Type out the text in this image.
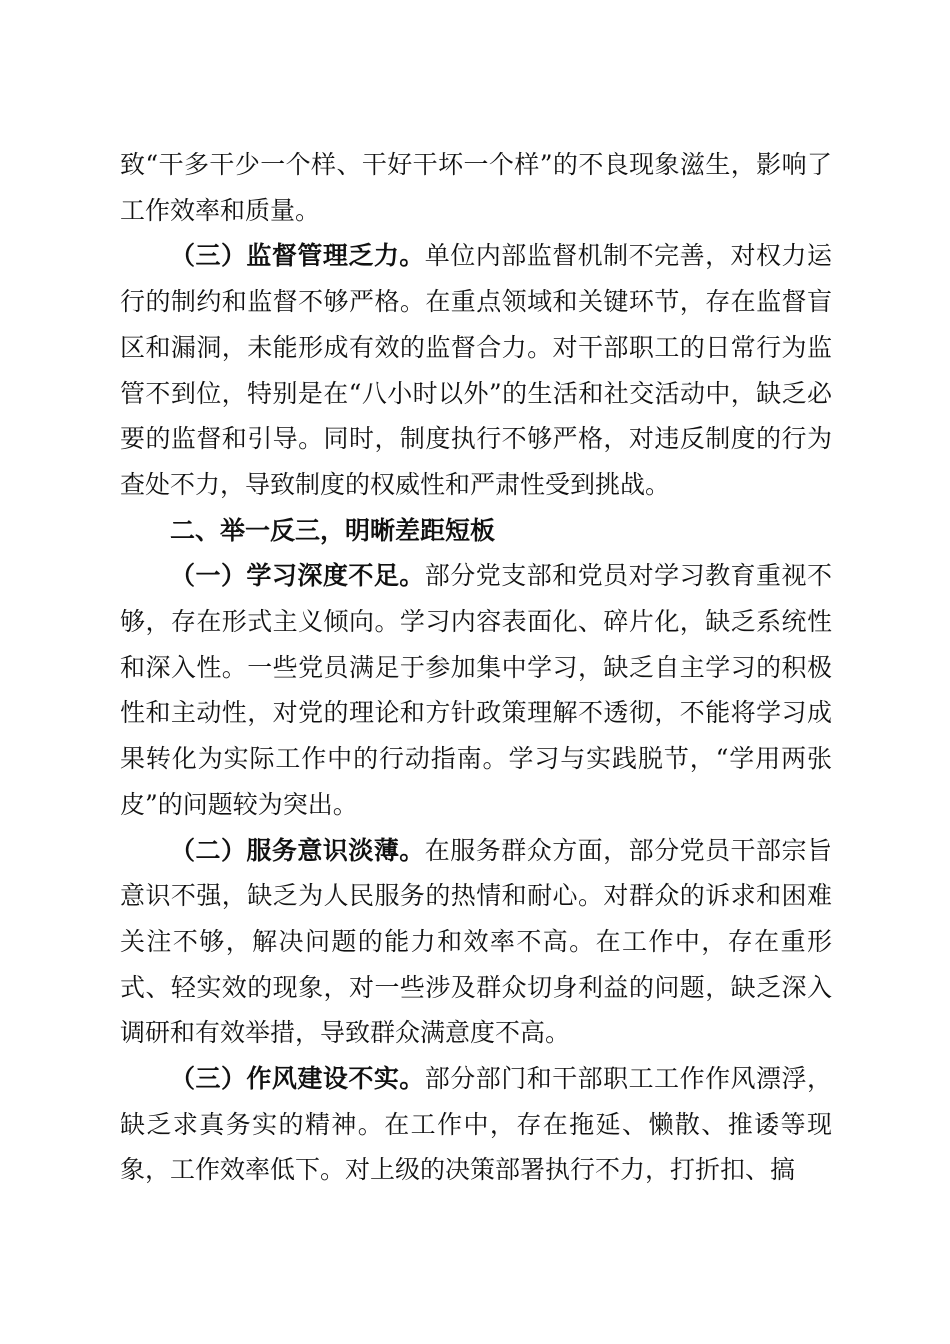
致“干多干少一个样、干好干坏一个样”的不良现象滋生，影响了工作效率和质量。

（三）监督管理乏力。单位内部监督机制不完善，对权力运行的制约和监督不够严格。在重点领域和关键环节，存在监督盲区和漏洞，未能形成有效的监督合力。对干部职工的日常行为监管不到位，特别是在“八小时以外”的生活和社交活动中，缺乏必要的监督和引导。同时，制度执行不够严格，对违反制度的行为查处不力，导致制度的权威性和严肃性受到挑战。

二、举一反三，明晰差距短板

（一）学习深度不足。部分党支部和党员对学习教育重视不够，存在形式主义倾向。学习内容表面化、碎片化，缺乏系统性和深入性。一些党员满足于参加集中学习，缺乏自主学习的积极性和主动性，对党的理论和方针政策理解不透彻，不能将学习成果转化为实际工作中的行动指南。学习与实践脱节，“学用两张皮”的问题较为突出。

（二）服务意识淡薄。在服务群众方面，部分党员干部宗旨意识不强，缺乏为人民服务的热情和耐心。对群众的诉求和困难关注不够，解决问题的能力和效率不高。在工作中，存在重形式、轻实效的现象，对一些涉及群众切身利益的问题，缺乏深入调研和有效举措，导致群众满意度不高。

（三）作风建设不实。部分部门和干部职工工作作风漂浮，缺乏求真务实的精神。在工作中，存在拖延、懒散、推诿等现象，工作效率低下。对上级的决策部署执行不力，打折扣、搞
